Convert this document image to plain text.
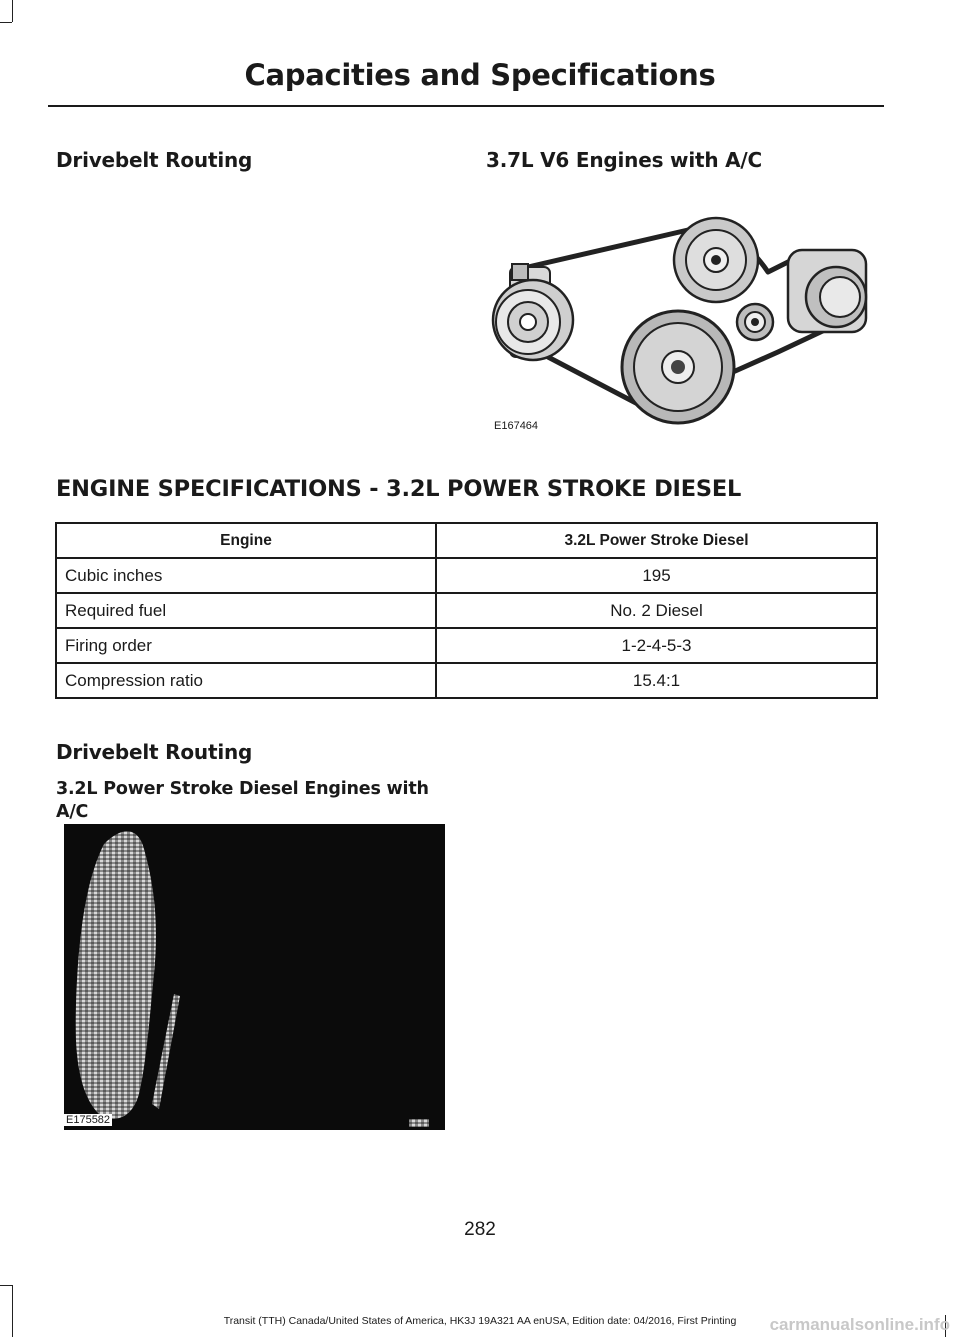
Capacities and Specifications
Drivebelt Routing	3.7L V6 Engines with A/C
E167464
ENGINE SPECIFICATIONS - 3.2L POWER STROKE DIESEL
Engine	3.2L Power Stroke Diesel
Cubic inches	195
Required fuel	No. 2 Diesel
Firing order	1-2-4-5-3
Compression ratio	15.4:1
Drivebelt Routing
3.2L Power Stroke Diesel Engines with A/C
E175582
282
Transit (TTH) Canada/United States of America, HK3J 19A321 AA enUSA, Edition date: 04/2016, First Printing	carmanualsonline.info
